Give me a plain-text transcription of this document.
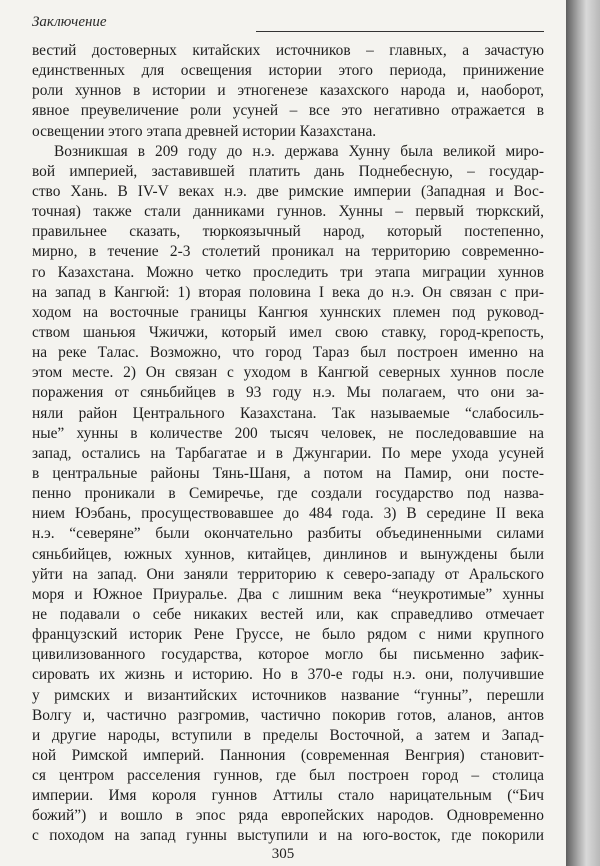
Заключение
вестий достоверных китайских источников – главных, а зачастую
единственных для освещения истории этого периода, принижение
роли хуннов в истории и этногенезе казахского народа и, наоборот,
явное преувеличение роли усуней – все это негативно отражается в
освещении этого этапа древней истории Казахстана.
Возникшая в 209 году до н.э. держава Хунну была великой миро-
вой империей, заставившей платить дань Поднебесную, – государ-
ство Хань. В IV-V веках н.э. две римские империи (Западная и Вос-
точная) также стали данниками гуннов. Хунны – первый тюркский,
правильнее сказать, тюркоязычный народ, который постепенно,
мирно, в течение 2-3 столетий проникал на территорию современно-
го Казахстана. Можно четко проследить три этапа миграции хуннов
на запад в Кангюй: 1) вторая половина I века до н.э. Он связан с при-
ходом на восточные границы Кангюя хуннских племен под руковод-
ством шаньюя Чжичжи, который имел свою ставку, город-крепость,
на реке Талас. Возможно, что город Тараз был построен именно на
этом месте. 2) Он связан с уходом в Кангюй северных хуннов после
поражения от сяньбийцев в 93 году н.э. Мы полагаем, что они за-
няли район Центрального Казахстана. Так называемые “слабосиль-
ные” хунны в количестве 200 тысяч человек, не последовавшие на
запад, остались на Тарбагатае и в Джунгарии. По мере ухода усуней
в центральные районы Тянь-Шаня, а потом на Памир, они посте-
пенно проникали в Семиречье, где создали государство под назва-
нием Юэбань, просуществовавшее до 484 года. 3) В середине II века
н.э. “северяне” были окончательно разбиты объединенными силами
сяньбийцев, южных хуннов, китайцев, динлинов и вынуждены были
уйти на запад. Они заняли территорию к северо-западу от Аральского
моря и Южное Приуралье. Два с лишним века “неукротимые” хунны
не подавали о себе никаких вестей или, как справедливо отмечает
французский историк Рене Груссе, не было рядом с ними крупного
цивилизованного государства, которое могло бы письменно зафик-
сировать их жизнь и историю. Но в 370-е годы н.э. они, получившие
у римских и византийских источников название “гунны”, перешли
Волгу и, частично разгромив, частично покорив готов, аланов, антов
и другие народы, вступили в пределы Восточной, а затем и Запад-
ной Римской империй. Паннония (современная Венгрия) становит-
ся центром расселения гуннов, где был построен город – столица
империи. Имя короля гуннов Аттилы стало нарицательным (“Бич
божий”) и вошло в эпос ряда европейских народов. Одновременно
с походом на запад гунны выступили и на юго-восток, где покорили
305
